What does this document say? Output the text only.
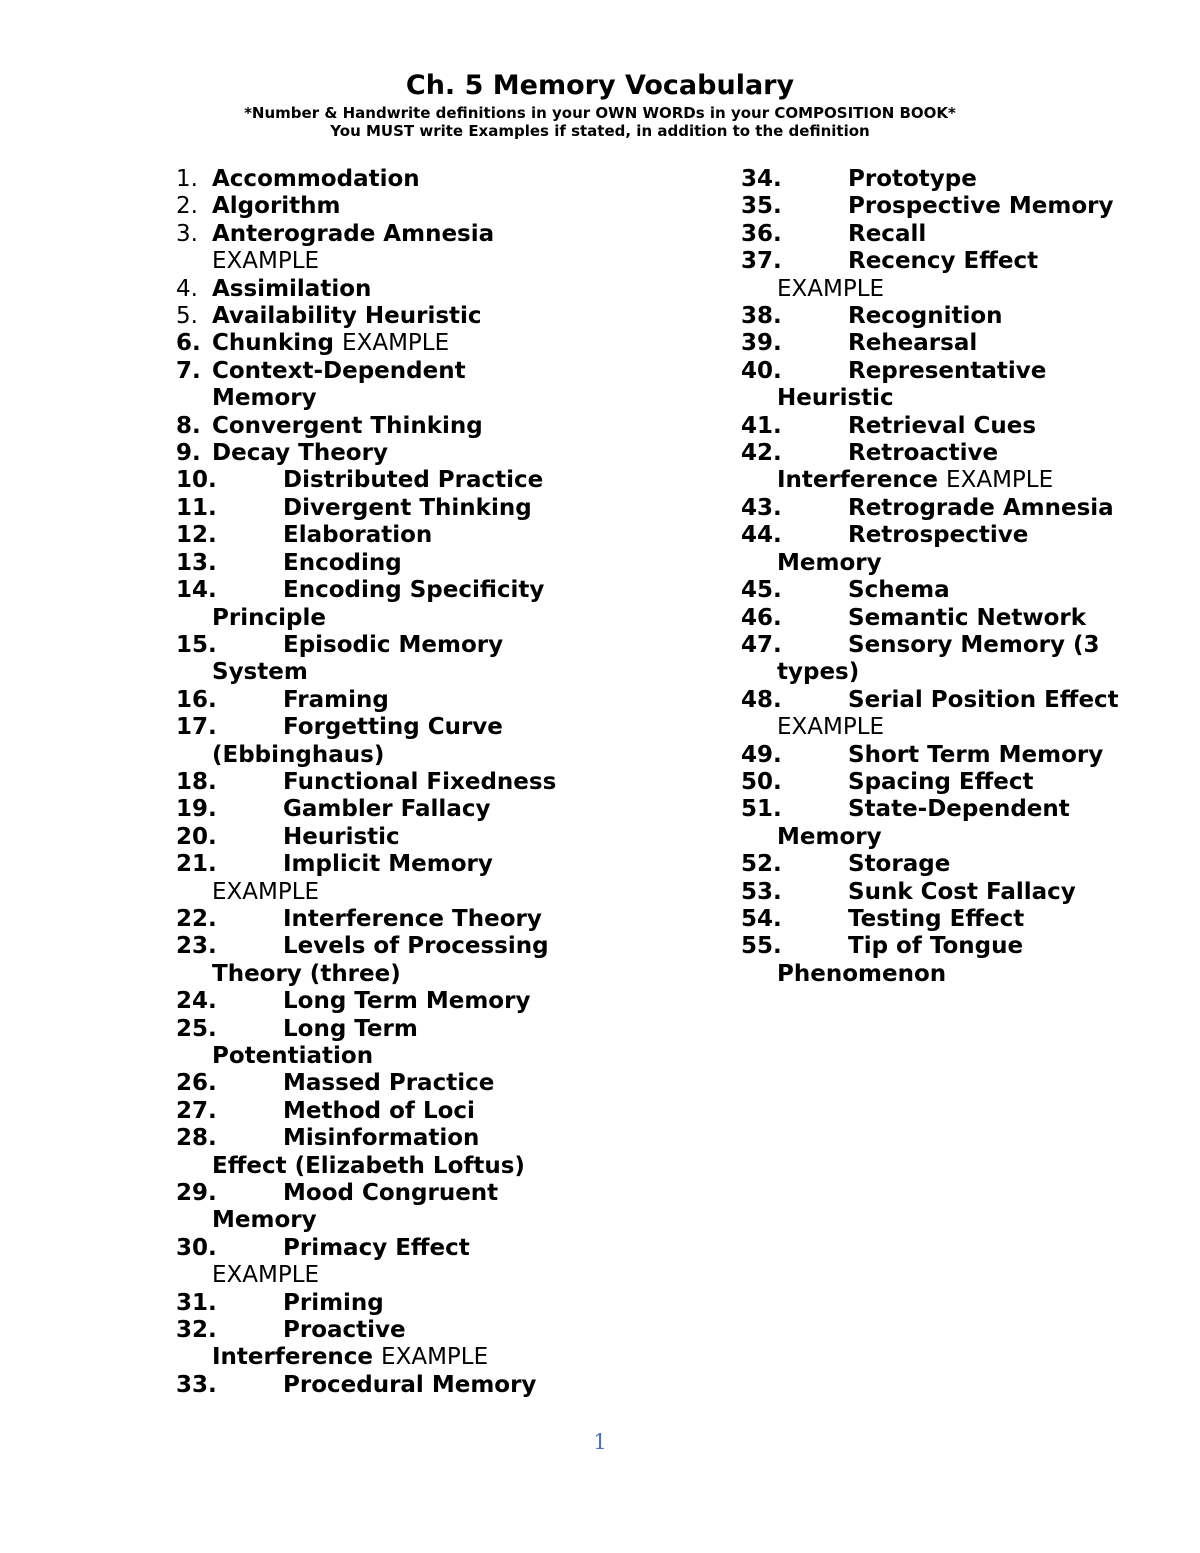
Ch. 5 Memory Vocabulary

*Number & Handwrite definitions in your OWN WORDs in your COMPOSITION BOOK*

You MUST write Examples if stated, in addition to the definition

1. Accommodation
2. Algorithm
3. Anterograde Amnesia
EXAMPLE
4. Assimilation
5. Availability Heuristic
6. Chunking EXAMPLE
7. Context-Dependent
Memory
8. Convergent Thinking
9. Decay Theory
10.	Distributed Practice
11.	Divergent Thinking
12.	Elaboration
13.	Encoding
14.	Encoding Specificity
Principle
15.	Episodic Memory
System
16.	Framing
17.	Forgetting Curve
(Ebbinghaus)
18.	Functional Fixedness
19.	Gambler Fallacy
20.	Heuristic
21.	Implicit Memory
EXAMPLE
22.	Interference Theory
23.	Levels of Processing
Theory (three)
24.	Long Term Memory
25.	Long Term
Potentiation
26.	Massed Practice
27.	Method of Loci
28.	Misinformation
Effect (Elizabeth Loftus)
29.	Mood Congruent
Memory
30.	Primacy Effect
EXAMPLE
31.	Priming
32.	Proactive
Interference EXAMPLE
33.	Procedural Memory
34.	Prototype
35.	Prospective Memory
36.	Recall
37.	Recency Effect
EXAMPLE
38.	Recognition
39.	Rehearsal
40.	Representative
Heuristic
41.	Retrieval Cues
42.	Retroactive
Interference EXAMPLE
43.	Retrograde Amnesia
44.	Retrospective
Memory
45.	Schema
46.	Semantic Network
47.	Sensory Memory (3
types)
48.	Serial Position Effect
EXAMPLE
49.	Short Term Memory
50.	Spacing Effect
51.	State-Dependent
Memory
52.	Storage
53.	Sunk Cost Fallacy
54.	Testing Effect
55.	Tip of Tongue
Phenomenon
1
